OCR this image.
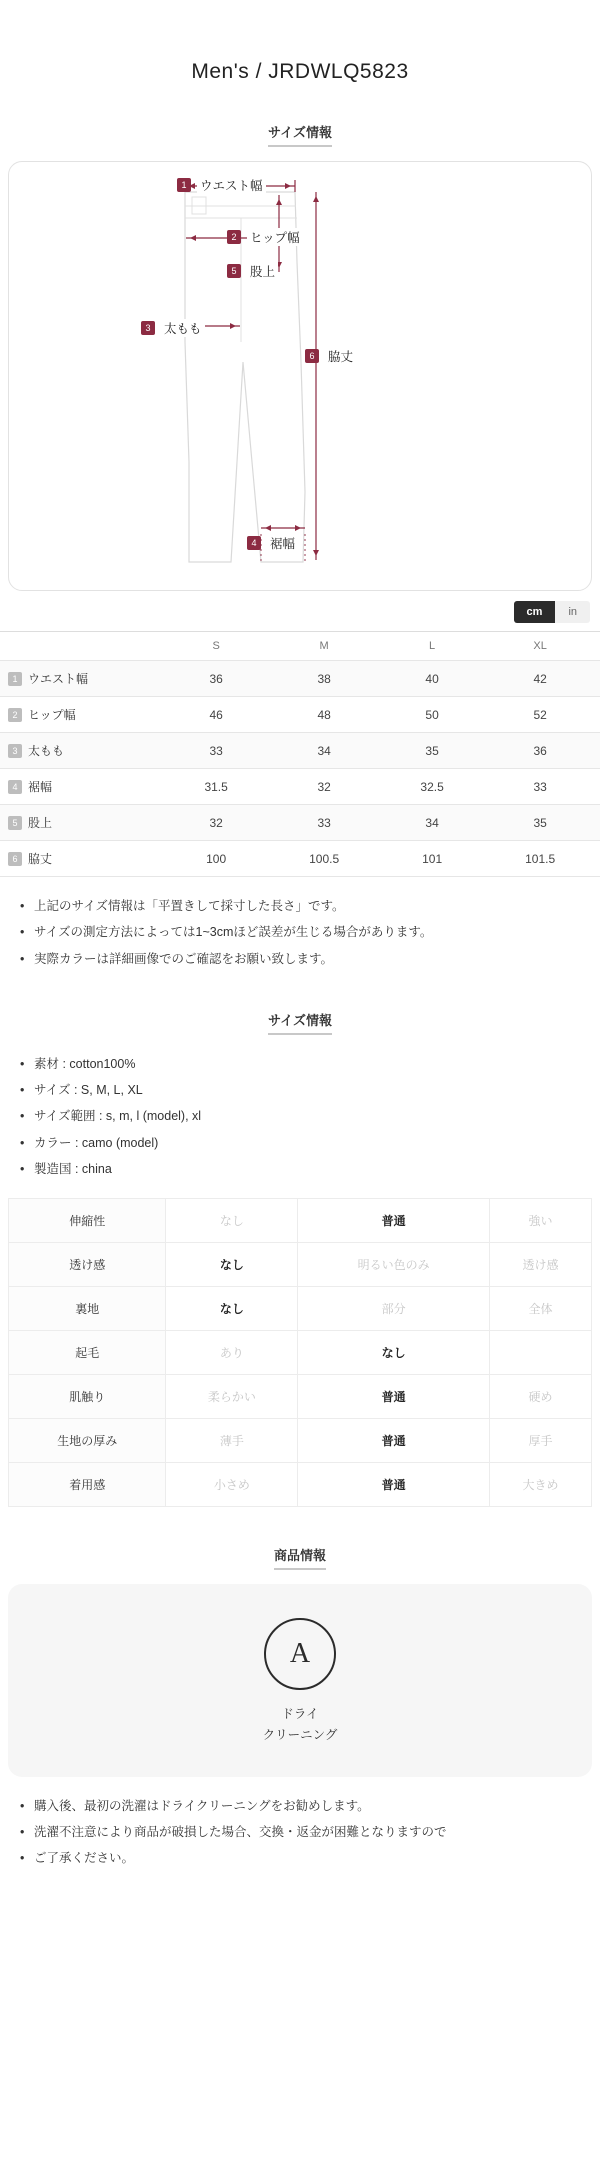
Men's / JRDWLQ5823
サイズ情報
1	ウエスト幅
2	ヒップ幅
5	股上
3	太もも
6	脇丈
4	裾幅
cm	in
	S	M	L	XL
1 ウエスト幅	36	38	40	42
2 ヒップ幅	46	48	50	52
3 太もも	33	34	35	36
4 裾幅	31.5	32	32.5	33
5 股上	32	33	34	35
6 脇丈	100	100.5	101	101.5
• 上記のサイズ情報は「平置きして採寸した長さ」です。
• サイズの測定方法によっては1~3cmほど誤差が生じる場合があります。
• 実際カラーは詳細画像でのご確認をお願い致します。
サイズ情報
• 素材 : cotton100%
• サイズ : S, M, L, XL
• サイズ範囲 : s, m, l (model), xl
• カラー : camo (model)
• 製造国 : china
伸縮性	なし	普通	強い
透け感	なし	明るい色のみ	透け感
裏地	なし	部分	全体
起毛	あり	なし	
肌触り	柔らかい	普通	硬め
生地の厚み	薄手	普通	厚手
着用感	小さめ	普通	大きめ
商品情報
A
ドライ
クリーニング
• 購入後、最初の洗濯はドライクリーニングをお勧めします。
• 洗濯不注意により商品が破損した場合、交換・返金が困難となりますので
• ご了承ください。
